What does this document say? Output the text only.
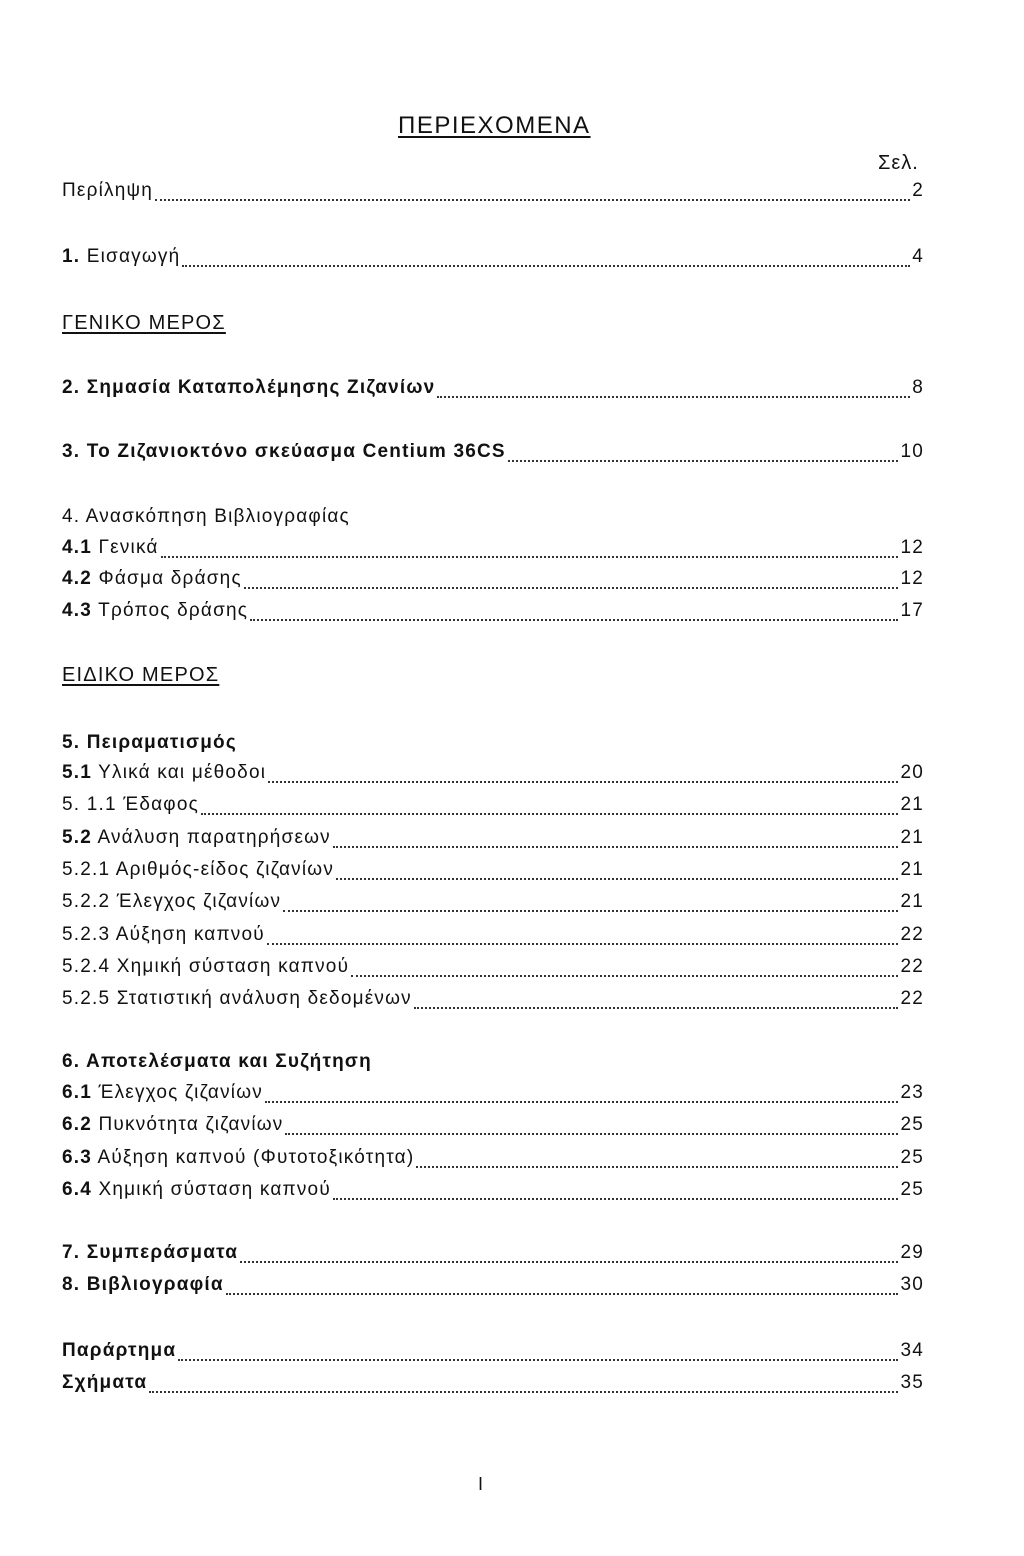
ΠΕΡΙΕΧΟΜΕΝΑ
Σελ.
Περίληψη	2
1. Εισαγωγή	4
ΓΕΝΙΚΟ ΜΕΡΟΣ
2. Σημασία Καταπολέμησης Ζιζανίων	8
3. Το Ζιζανιοκτόνο σκεύασμα Centium 36CS	10
4. Ανασκόπηση Βιβλιογραφίας
4.1 Γενικά	12
4.2 Φάσμα δράσης	12
4.3 Τρόπος δράσης	17
ΕΙΔΙΚΟ ΜΕΡΟΣ
5. Πειραματισμός
5.1 Υλικά και μέθοδοι	20
5. 1.1 Έδαφος	21
5.2 Ανάλυση παρατηρήσεων	21
5.2.1 Αριθμός-είδος ζιζανίων	21
5.2.2 Έλεγχος ζιζανίων	21
5.2.3 Αύξηση καπνού	22
5.2.4 Χημική σύσταση καπνού	22
5.2.5 Στατιστική ανάλυση δεδομένων	22
6. Αποτελέσματα και Συζήτηση
6.1 Έλεγχος ζιζανίων	23
6.2 Πυκνότητα ζιζανίων	25
6.3 Αύξηση καπνού (Φυτοτοξικότητα)	25
6.4 Χημική σύσταση καπνού	25
7. Συμπεράσματα	29
8. Βιβλιογραφία	30
Παράρτημα	34
Σχήματα	35
I
